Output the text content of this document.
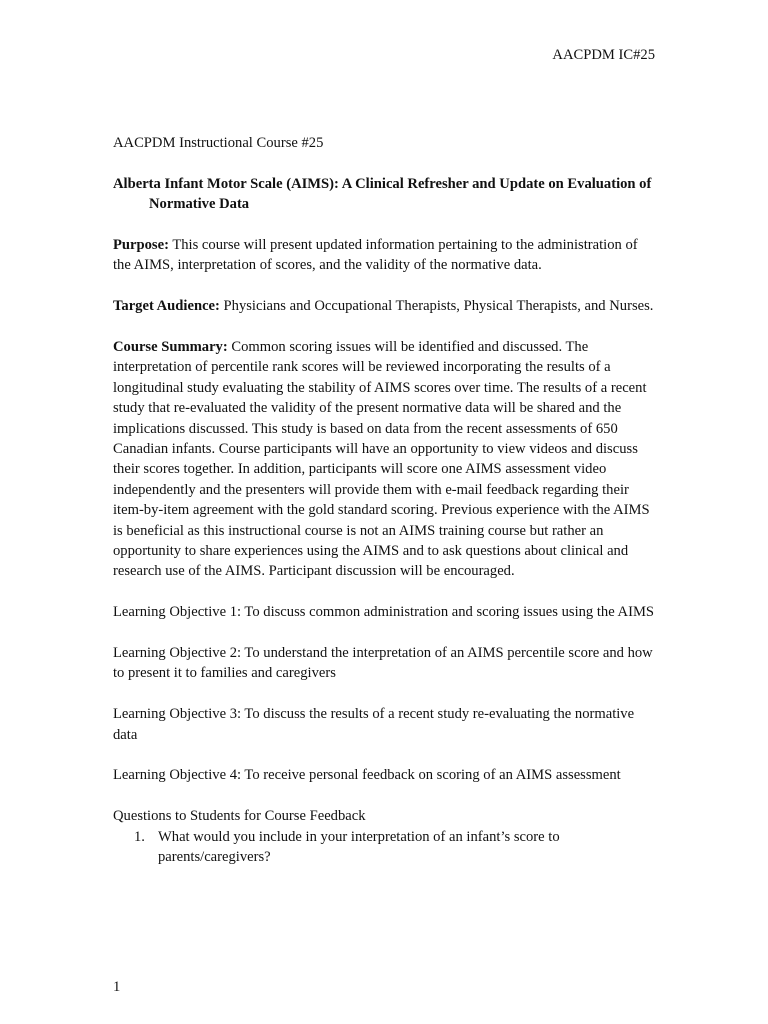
AACPDM IC#25

AACPDM Instructional Course #25

Alberta Infant Motor Scale (AIMS): A Clinical Refresher and Update on Evaluation of Normative Data

Purpose: This course will present updated information pertaining to the administration of the AIMS, interpretation of scores, and the validity of the normative data.

Target Audience: Physicians and Occupational Therapists, Physical Therapists, and Nurses.

Course Summary: Common scoring issues will be identified and discussed. The interpretation of percentile rank scores will be reviewed incorporating the results of a longitudinal study evaluating the stability of AIMS scores over time. The results of a recent study that re-evaluated the validity of the present normative data will be shared and the implications discussed. This study is based on data from the recent assessments of 650 Canadian infants. Course participants will have an opportunity to view videos and discuss their scores together. In addition, participants will score one AIMS assessment video independently and the presenters will provide them with e-mail feedback regarding their item-by-item agreement with the gold standard scoring. Previous experience with the AIMS is beneficial as this instructional course is not an AIMS training course but rather an opportunity to share experiences using the AIMS and to ask questions about clinical and research use of the AIMS. Participant discussion will be encouraged.

Learning Objective 1: To discuss common administration and scoring issues using the AIMS

Learning Objective 2: To understand the interpretation of an AIMS percentile score and how to present it to families and caregivers

Learning Objective 3: To discuss the results of a recent study re-evaluating the normative data

Learning Objective 4: To receive personal feedback on scoring of an AIMS assessment

Questions to Students for Course Feedback

1. What would you include in your interpretation of an infant’s score to parents/caregivers?
1
